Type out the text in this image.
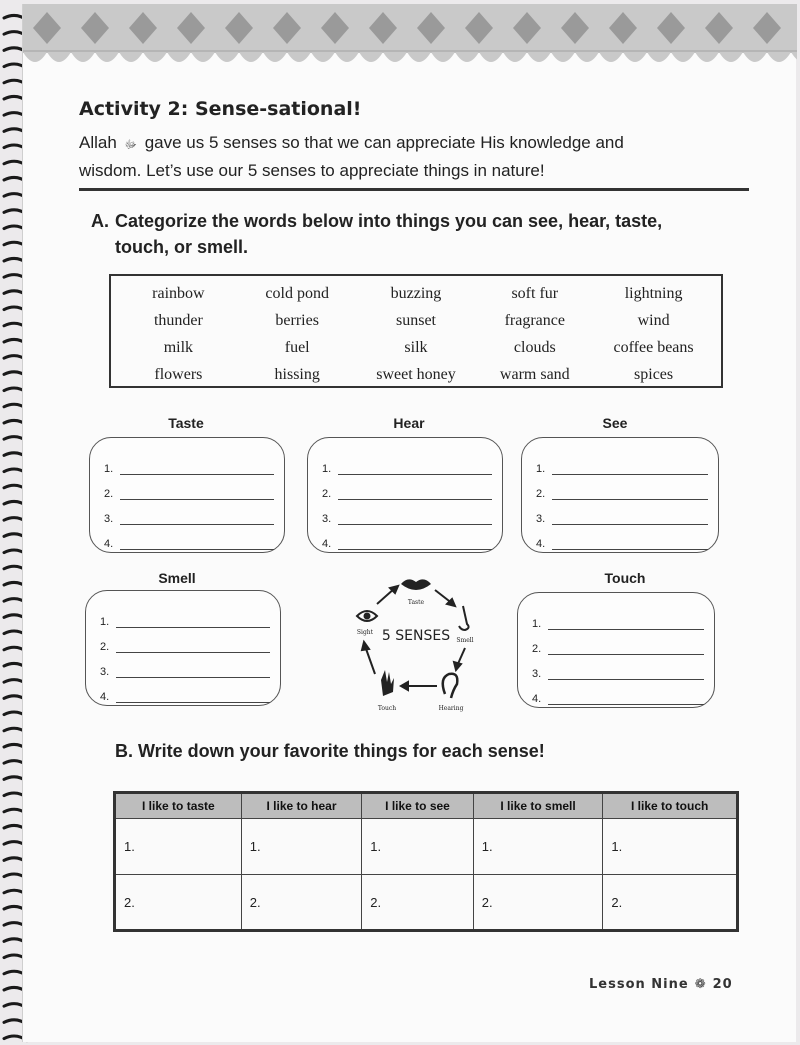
Activity 2: Sense-sational!
Allah ﷻ gave us 5 senses so that we can appreciate His knowledge and
wisdom. Let’s use our 5 senses to appreciate things in nature!
A. Categorize the words below into things you can see, hear, taste,
touch, or smell.
rainbow	cold pond	buzzing	soft fur	lightning
thunder	berries	sunset	fragrance	wind
milk	fuel	silk	clouds	coffee beans
flowers	hissing	sweet honey	warm sand	spices
Taste
1.
2.
3.
4.
Hear
1.
2.
3.
4.
See
1.
2.
3.
4.
Smell
1.
2.
3.
4.
Touch
1.
2.
3.
4.
5 SENSES
Taste
Smell
Hearing
Touch
Sight
B. Write down your favorite things for each sense!
I like to taste	I like to hear	I like to see	I like to smell	I like to touch
1.	1.	1.	1.	1.
2.	2.	2.	2.	2.
Lesson Nine ❁ 20
